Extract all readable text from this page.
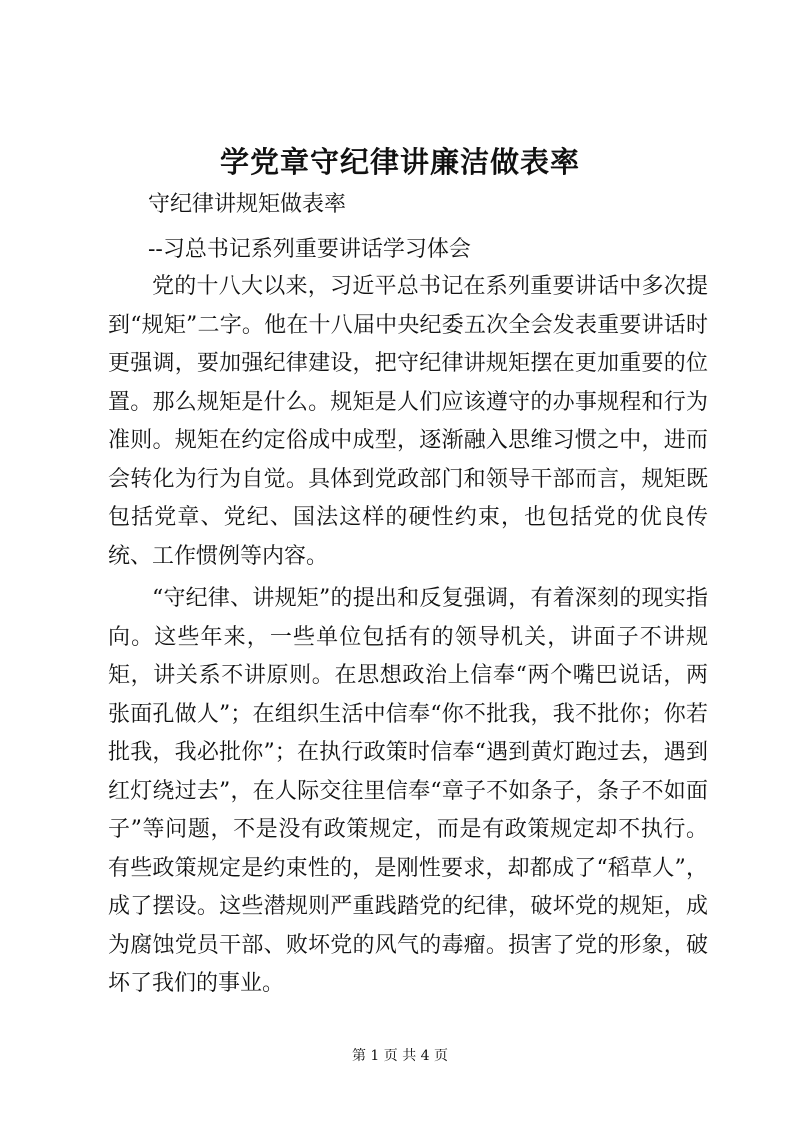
学党章守纪律讲廉洁做表率
守纪律讲规矩做表率
--习总书记系列重要讲话学习体会

党的十八大以来，习近平总书记在系列重要讲话中多次提到“规矩”二字。他在十八届中央纪委五次全会发表重要讲话时更强调，要加强纪律建设，把守纪律讲规矩摆在更加重要的位置。那么规矩是什么。规矩是人们应该遵守的办事规程和行为准则。规矩在约定俗成中成型，逐渐融入思维习惯之中，进而会转化为行为自觉。具体到党政部门和领导干部而言，规矩既包括党章、党纪、国法这样的硬性约束，也包括党的优良传统、工作惯例等内容。

“守纪律、讲规矩”的提出和反复强调，有着深刻的现实指向。这些年来，一些单位包括有的领导机关，讲面子不讲规矩，讲关系不讲原则。在思想政治上信奉“两个嘴巴说话，两张面孔做人”；在组织生活中信奉“你不批我，我不批你；你若批我，我必批你”；在执行政策时信奉“遇到黄灯跑过去，遇到红灯绕过去”，在人际交往里信奉“章子不如条子，条子不如面子”等问题，不是没有政策规定，而是有政策规定却不执行。有些政策规定是约束性的，是刚性要求，却都成了“稻草人”，成了摆设。这些潜规则严重践踏党的纪律，破坏党的规矩，成为腐蚀党员干部、败坏党的风气的毒瘤。损害了党的形象，破坏了我们的事业。

第 1 页 共 4 页
